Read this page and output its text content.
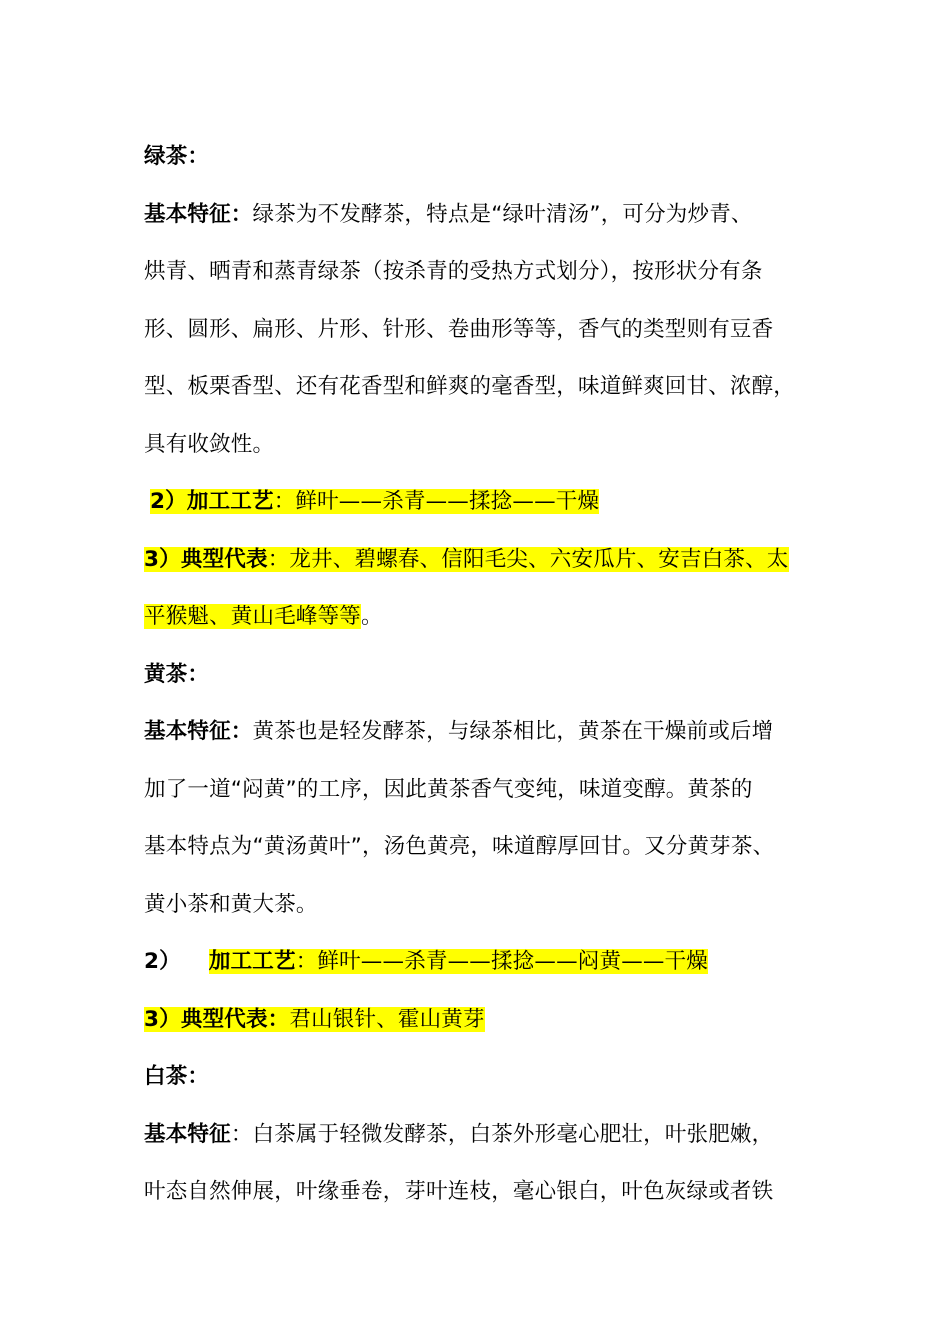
绿茶：
基本特征：绿茶为不发酵茶，特点是“绿叶清汤”，可分为炒青、
烘青、晒青和蒸青绿茶（按杀青的受热方式划分），按形状分有条
形、圆形、扁形、片形、针形、卷曲形等等，香气的类型则有豆香
型、板栗香型、还有花香型和鲜爽的毫香型，味道鲜爽回甘、浓醇，
具有收敛性。
2）加工工艺：鲜叶——杀青——揉捻——干燥
3）典型代表：龙井、碧螺春、信阳毛尖、六安瓜片、安吉白茶、太
平猴魁、黄山毛峰等等。
黄茶：
基本特征：黄茶也是轻发酵茶，与绿茶相比，黄茶在干燥前或后增
加了一道“闷黄”的工序，因此黄茶香气变纯，味道变醇。黄茶的
基本特点为“黄汤黄叶”，汤色黄亮，味道醇厚回甘。又分黄芽茶、
黄小茶和黄大茶。
2） 加工工艺：鲜叶——杀青——揉捻——闷黄——干燥
3）典型代表：君山银针、霍山黄芽
白茶：
基本特征：白茶属于轻微发酵茶，白茶外形毫心肥壮，叶张肥嫩，
叶态自然伸展，叶缘垂卷，芽叶连枝，毫心银白，叶色灰绿或者铁
